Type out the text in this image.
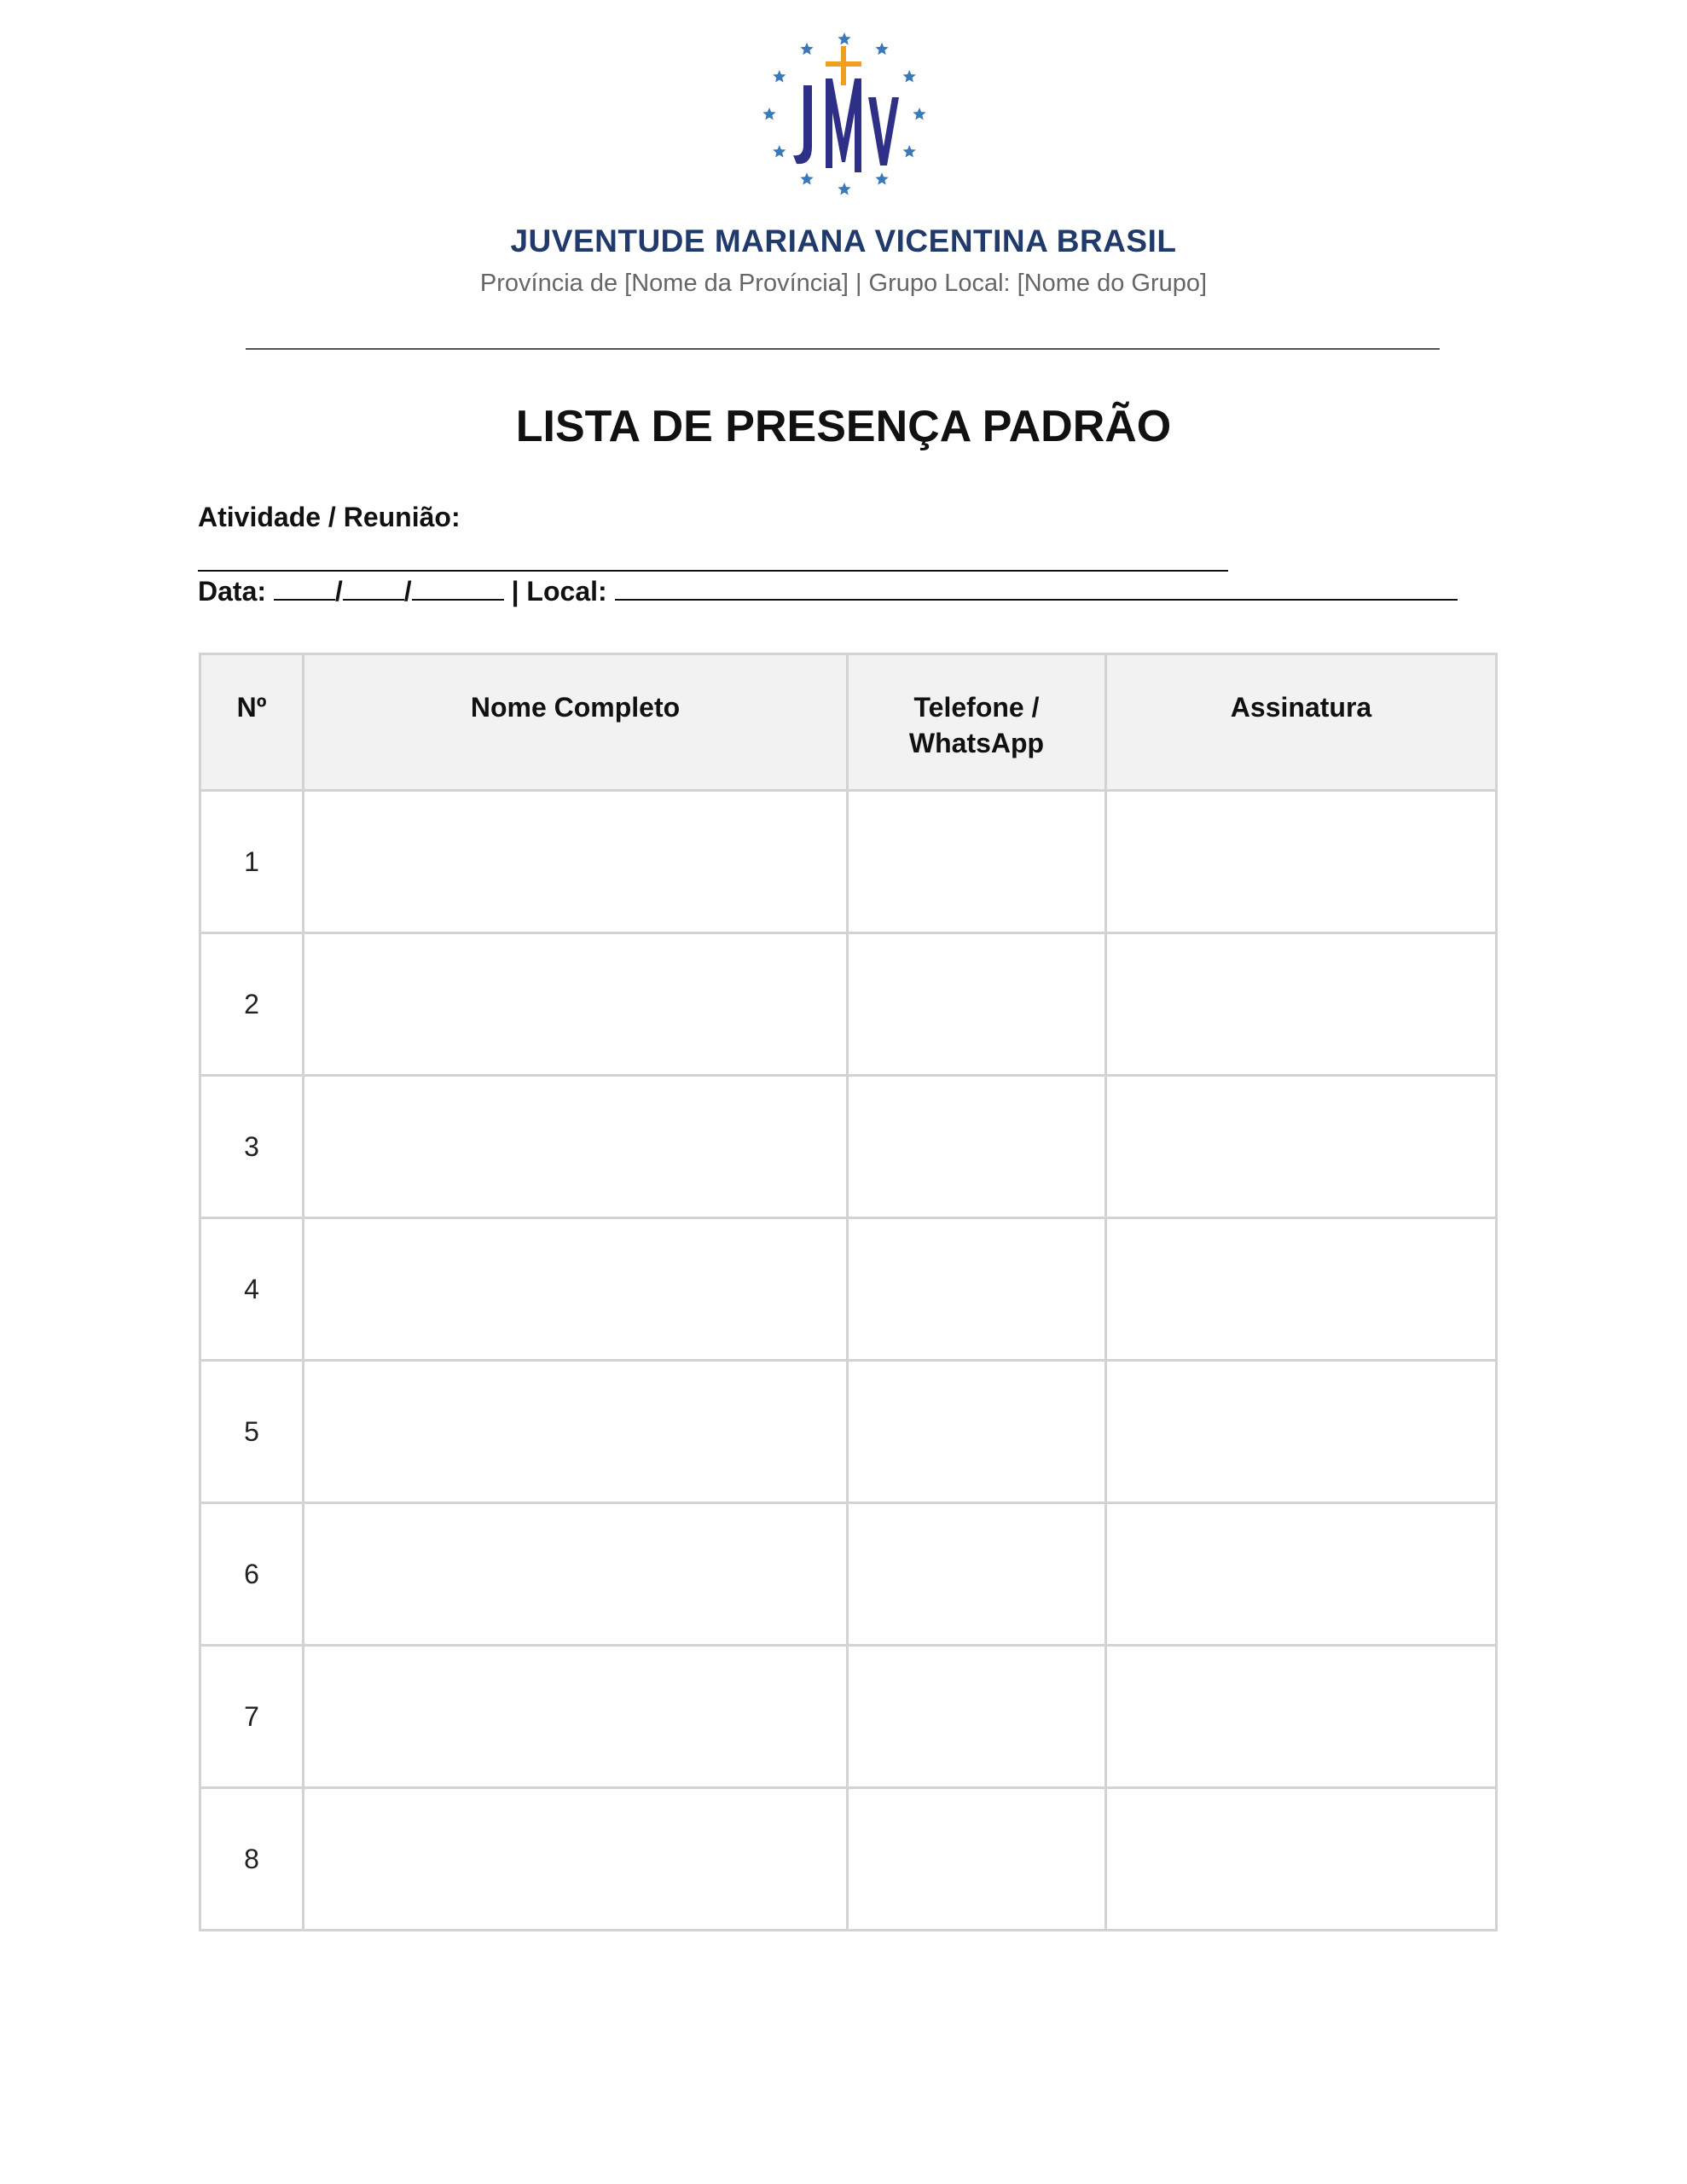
JUVENTUDE MARIANA VICENTINA BRASIL
Província de [Nome da Província] | Grupo Local: [Nome do Grupo]
LISTA DE PRESENÇA PADRÃO
Atividade / Reunião:
Data:	/ /	| Local:
Nº	Nome Completo	Telefone / WhatsApp	Assinatura
1			
2			
3			
4			
5			
6			
7			
8			
